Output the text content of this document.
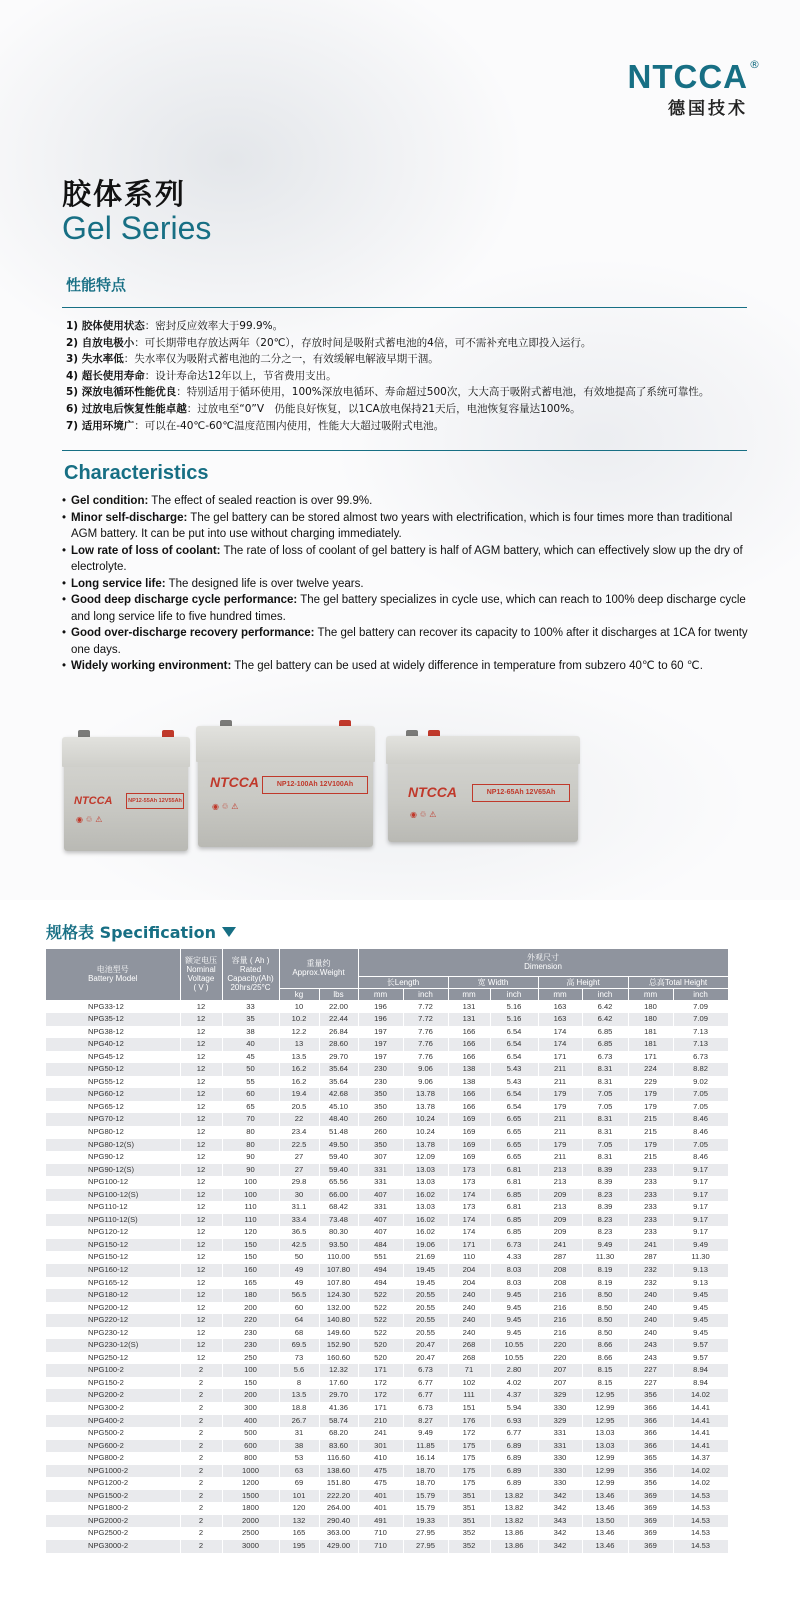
NTCCA ®
德国技术
胶体系列
Gel Series
性能特点
1) 胶体使用状态：密封反应效率大于99.9%。
2) 自放电极小：可长期带电存放达两年（20℃），存放时间是吸附式蓄电池的4倍，可不需补充电立即投入运行。
3) 失水率低：失水率仅为吸附式蓄电池的二分之一，有效缓解电解液早期干涸。
4) 超长使用寿命：设计寿命达12年以上，节省费用支出。
5) 深放电循环性能优良：特别适用于循环使用，100%深放电循环、寿命超过500次，大大高于吸附式蓄电池，有效地提高了系统可靠性。
6) 过放电后恢复性能卓越：过放电至“0”V　仍能良好恢复，以1CA放电保持21天后，电池恢复容量达100%。
7) 适用环境广：可以在-40℃-60℃温度范围内使用，性能大大超过吸附式电池。
Characteristics
• Gel condition: The effect of sealed reaction is over 99.9%.
• Minor self-discharge: The gel battery can be stored almost two years with electrification, which is four times more than traditional AGM battery. It can be put into use without charging immediately.
• Low rate of loss of coolant: The rate of loss of coolant of gel battery is half of AGM battery, which can effectively slow up the dry of electrolyte.
• Long service life: The designed life is over twelve years.
• Good deep discharge cycle performance: The gel battery specializes in cycle use, which can reach to 100% deep discharge cycle and long service life to five hundred times.
• Good over-discharge recovery performance: The gel battery can recover its capacity to 100% after it discharges at 1CA for twenty one days.
• Widely working environment: The gel battery can be used at widely difference in temperature from subzero 40℃ to 60 ℃.
NTCCA	NP12-55Ah 12V55Ah
◉ ♲ ⚠
NTCCA	NP12-100Ah 12V100Ah
◉ ♲ ⚠
NTCCA	NP12-65Ah 12V65Ah
◉ ♲ ⚠
规格表 Specification
电池型号
Battery Model	额定电压
Nominal Voltage
( V )	容量 ( Ah )
Rated
Capacity(Ah)
20hrs/25°C	重量约
Approx.Weight		外观尺寸
Dimension							
					长Length		宽 Width		高 Height		总高Total Height	
			kg	lbs	mm	inch	mm	inch	mm	inch	mm	inch
NPG33-12	12	33	10	22.00	196	7.72	131	5.16	163	6.42	180	7.09
NPG35-12	12	35	10.2	22.44	196	7.72	131	5.16	163	6.42	180	7.09
NPG38-12	12	38	12.2	26.84	197	7.76	166	6.54	174	6.85	181	7.13
NPG40-12	12	40	13	28.60	197	7.76	166	6.54	174	6.85	181	7.13
NPG45-12	12	45	13.5	29.70	197	7.76	166	6.54	171	6.73	171	6.73
NPG50-12	12	50	16.2	35.64	230	9.06	138	5.43	211	8.31	224	8.82
NPG55-12	12	55	16.2	35.64	230	9.06	138	5.43	211	8.31	229	9.02
NPG60-12	12	60	19.4	42.68	350	13.78	166	6.54	179	7.05	179	7.05
NPG65-12	12	65	20.5	45.10	350	13.78	166	6.54	179	7.05	179	7.05
NPG70-12	12	70	22	48.40	260	10.24	169	6.65	211	8.31	215	8.46
NPG80-12	12	80	23.4	51.48	260	10.24	169	6.65	211	8.31	215	8.46
NPG80-12(S)	12	80	22.5	49.50	350	13.78	169	6.65	179	7.05	179	7.05
NPG90-12	12	90	27	59.40	307	12.09	169	6.65	211	8.31	215	8.46
NPG90-12(S)	12	90	27	59.40	331	13.03	173	6.81	213	8.39	233	9.17
NPG100-12	12	100	29.8	65.56	331	13.03	173	6.81	213	8.39	233	9.17
NPG100-12(S)	12	100	30	66.00	407	16.02	174	6.85	209	8.23	233	9.17
NPG110-12	12	110	31.1	68.42	331	13.03	173	6.81	213	8.39	233	9.17
NPG110-12(S)	12	110	33.4	73.48	407	16.02	174	6.85	209	8.23	233	9.17
NPG120-12	12	120	36.5	80.30	407	16.02	174	6.85	209	8.23	233	9.17
NPG150-12	12	150	42.5	93.50	484	19.06	171	6.73	241	9.49	241	9.49
NPG150-12	12	150	50	110.00	551	21.69	110	4.33	287	11.30	287	11.30
NPG160-12	12	160	49	107.80	494	19.45	204	8.03	208	8.19	232	9.13
NPG165-12	12	165	49	107.80	494	19.45	204	8.03	208	8.19	232	9.13
NPG180-12	12	180	56.5	124.30	522	20.55	240	9.45	216	8.50	240	9.45
NPG200-12	12	200	60	132.00	522	20.55	240	9.45	216	8.50	240	9.45
NPG220-12	12	220	64	140.80	522	20.55	240	9.45	216	8.50	240	9.45
NPG230-12	12	230	68	149.60	522	20.55	240	9.45	216	8.50	240	9.45
NPG230-12(S)	12	230	69.5	152.90	520	20.47	268	10.55	220	8.66	243	9.57
NPG250-12	12	250	73	160.60	520	20.47	268	10.55	220	8.66	243	9.57
NPG100-2	2	100	5.6	12.32	171	6.73	71	2.80	207	8.15	227	8.94
NPG150-2	2	150	8	17.60	172	6.77	102	4.02	207	8.15	227	8.94
NPG200-2	2	200	13.5	29.70	172	6.77	111	4.37	329	12.95	356	14.02
NPG300-2	2	300	18.8	41.36	171	6.73	151	5.94	330	12.99	366	14.41
NPG400-2	2	400	26.7	58.74	210	8.27	176	6.93	329	12.95	366	14.41
NPG500-2	2	500	31	68.20	241	9.49	172	6.77	331	13.03	366	14.41
NPG600-2	2	600	38	83.60	301	11.85	175	6.89	331	13.03	366	14.41
NPG800-2	2	800	53	116.60	410	16.14	175	6.89	330	12.99	365	14.37
NPG1000-2	2	1000	63	138.60	475	18.70	175	6.89	330	12.99	356	14.02
NPG1200-2	2	1200	69	151.80	475	18.70	175	6.89	330	12.99	356	14.02
NPG1500-2	2	1500	101	222.20	401	15.79	351	13.82	342	13.46	369	14.53
NPG1800-2	2	1800	120	264.00	401	15.79	351	13.82	342	13.46	369	14.53
NPG2000-2	2	2000	132	290.40	491	19.33	351	13.82	343	13.50	369	14.53
NPG2500-2	2	2500	165	363.00	710	27.95	352	13.86	342	13.46	369	14.53
NPG3000-2	2	3000	195	429.00	710	27.95	352	13.86	342	13.46	369	14.53
